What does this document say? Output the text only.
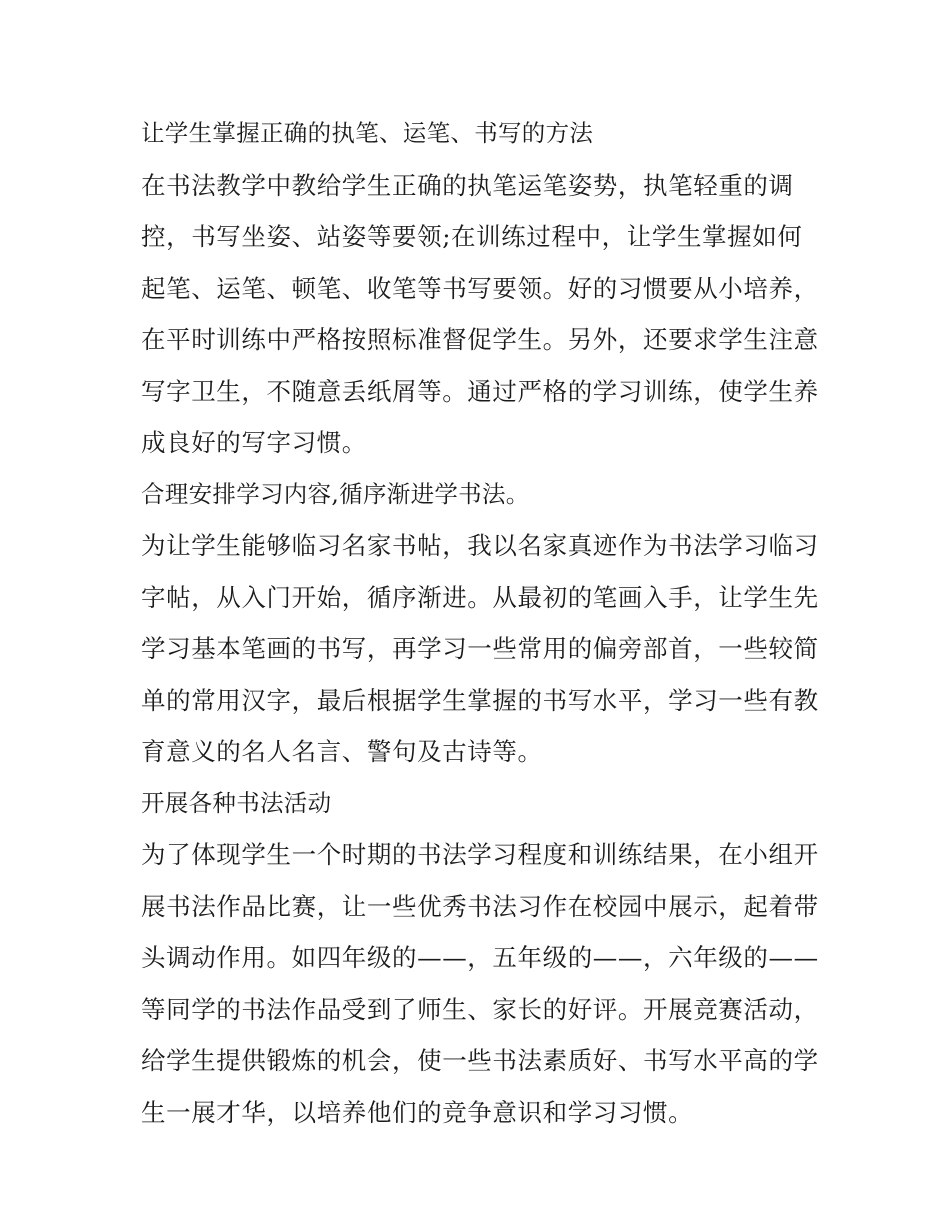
让学生掌握正确的执笔、运笔、书写的方法
在书法教学中教给学生正确的执笔运笔姿势，执笔轻重的调
控，书写坐姿、站姿等要领;在训练过程中，让学生掌握如何
起笔、运笔、顿笔、收笔等书写要领。好的习惯要从小培养，
在平时训练中严格按照标准督促学生。另外，还要求学生注意
写字卫生，不随意丢纸屑等。通过严格的学习训练，使学生养
成良好的写字习惯。
合理安排学习内容,循序渐进学书法。
为让学生能够临习名家书帖，我以名家真迹作为书法学习临习
字帖，从入门开始，循序渐进。从最初的笔画入手，让学生先
学习基本笔画的书写，再学习一些常用的偏旁部首，一些较简
单的常用汉字，最后根据学生掌握的书写水平，学习一些有教
育意义的名人名言、警句及古诗等。
开展各种书法活动
为了体现学生一个时期的书法学习程度和训练结果，在小组开
展书法作品比赛，让一些优秀书法习作在校园中展示，起着带
头调动作用。如四年级的——，五年级的——，六年级的——
等同学的书法作品受到了师生、家长的好评。开展竞赛活动，
给学生提供锻炼的机会，使一些书法素质好、书写水平高的学
生一展才华，以培养他们的竞争意识和学习习惯。
